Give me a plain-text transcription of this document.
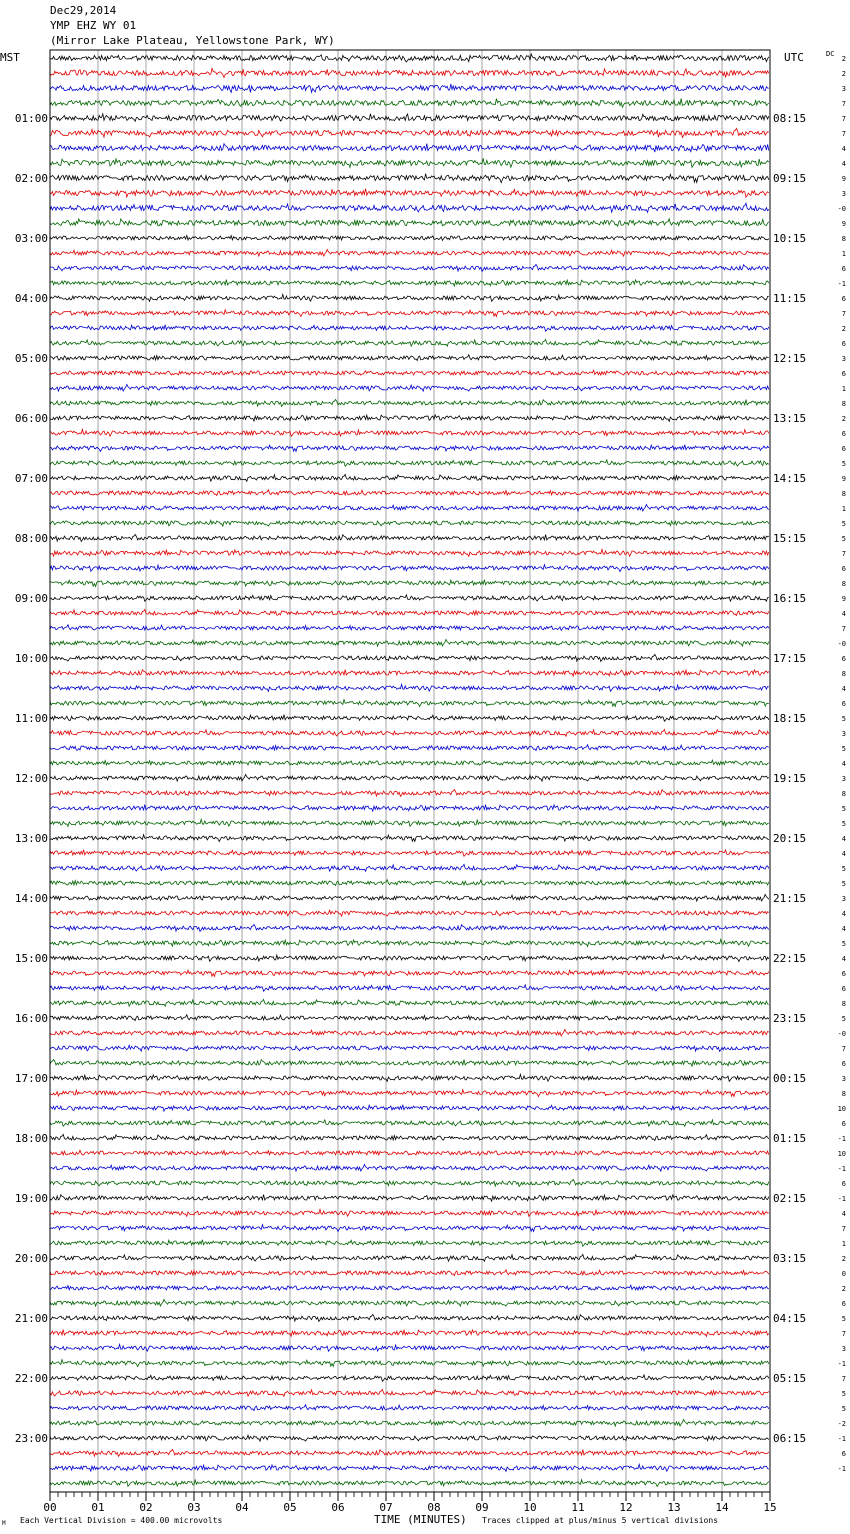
Dec29,2014
YMP EHZ WY 01
(Mirror Lake Plateau, Yellowstone Park, WY)
00	01	02	03	04	05	06	07	08	09	10	11	12	13	14	15
01:00
02:00
03:00
04:00
05:00
06:00
07:00
08:00
09:00
10:00
11:00
12:00
13:00
14:00
15:00
16:00
17:00
18:00
19:00
20:00
21:00
22:00
23:00
08:15
09:15
10:15
11:15
12:15
13:15
14:15
15:15
16:15
17:15
18:15
19:15
20:15
21:15
22:15
23:15
00:15
01:15
02:15
03:15
04:15
05:15
06:15
2
2
3
7
7
7
4
4
9
3
-0
9
8
1
6
-1
6
7
2
6
3
6
1
8
2
6
6
5
9
8
1
5
5
7
6
8
9
4
7
-0
6
8
4
6
5
3
5
4
3
8
5
5
4
4
5
5
3
4
4
5
4
6
6
8
5
-0
7
6
3
8
10
6
-1
10
-1
6
-1
4
7
1
2
0
2
6
5
7
3
-1
7
5
5
-2
-1
6
-1
MST	UTC	DC
TIME (MINUTES)
Each Vertical Division = 400.00 microvolts	Traces clipped at plus/minus 5 vertical divisions
M
